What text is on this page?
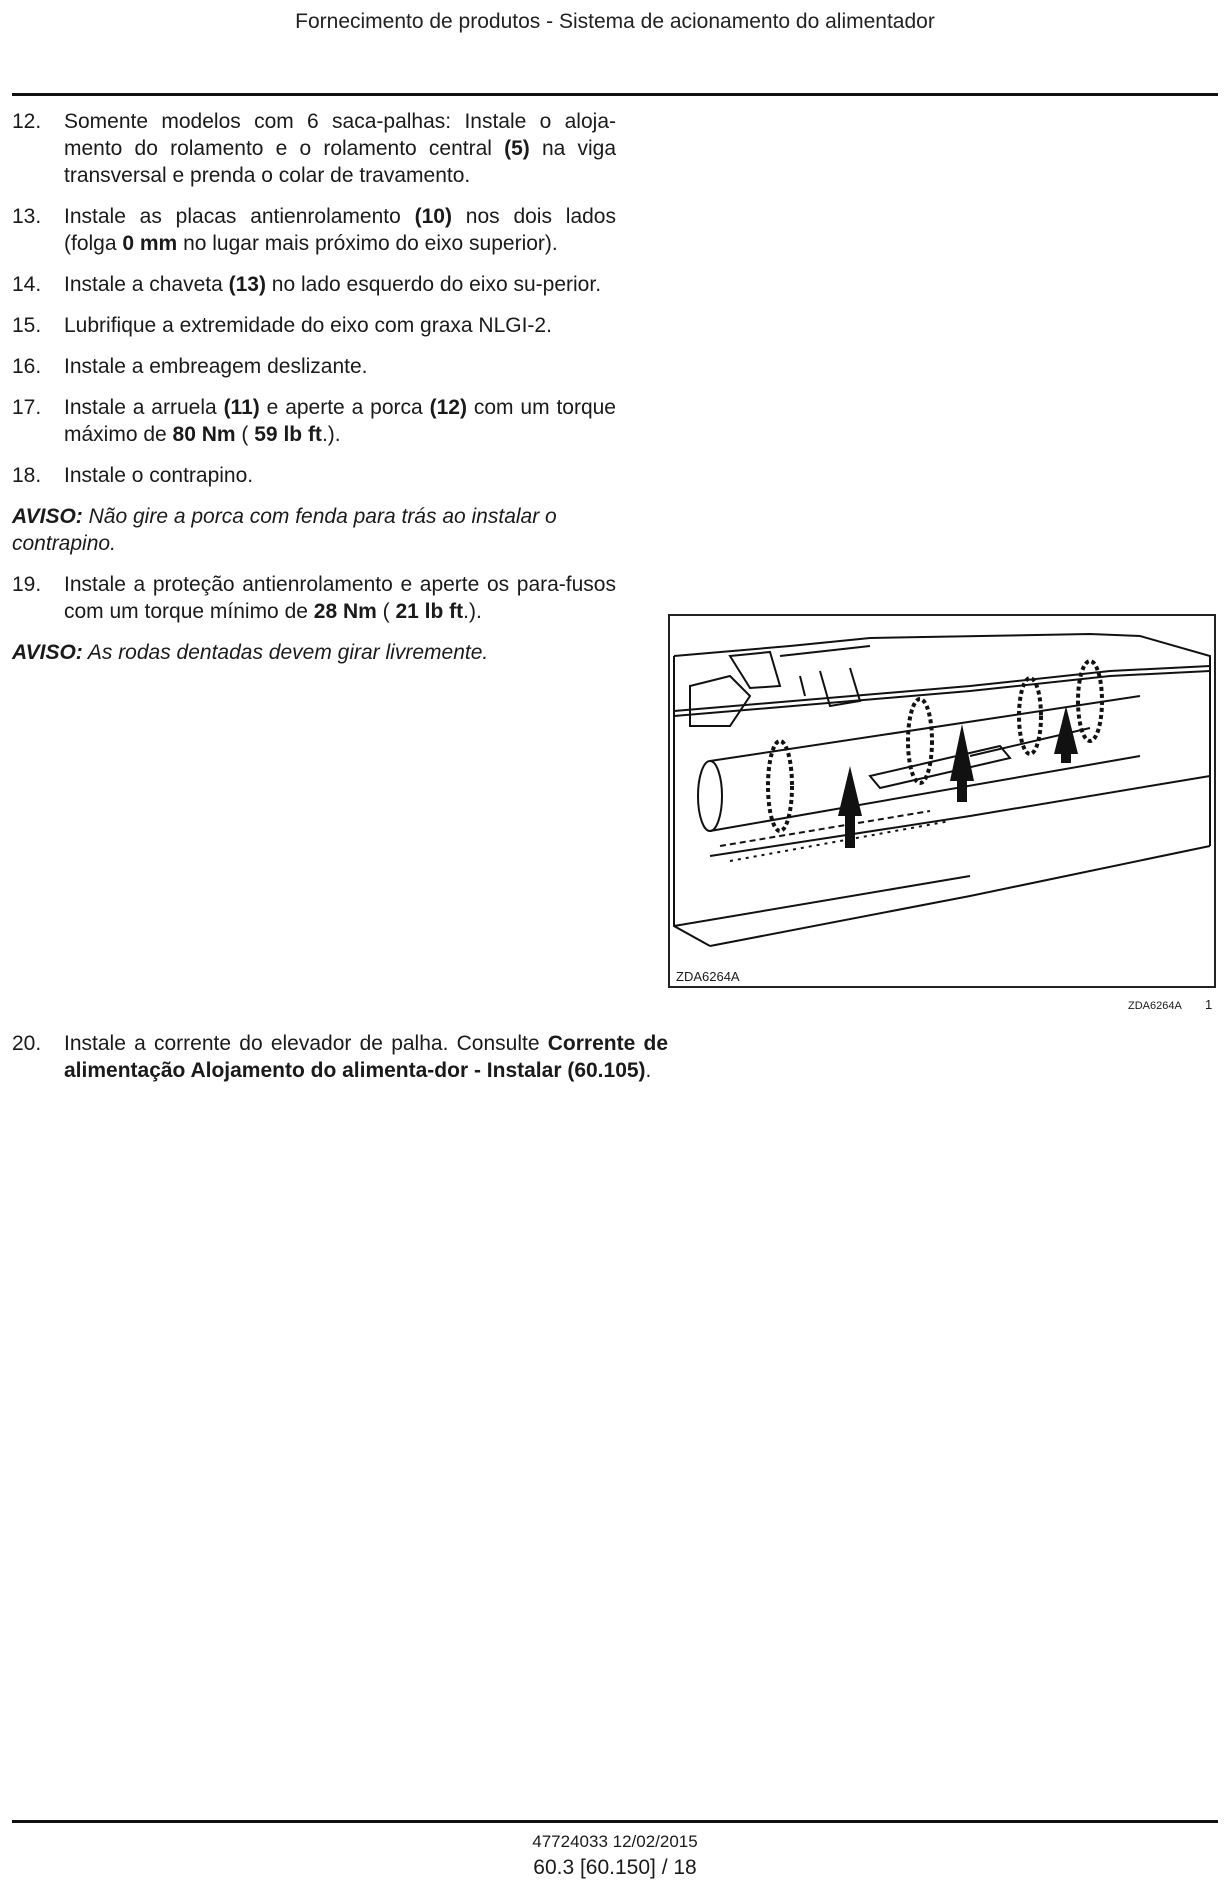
Fornecimento de produtos - Sistema de acionamento do alimentador
12. Somente modelos com 6 saca-palhas: Instale o aloja-mento do rolamento e o rolamento central (5) na viga transversal e prenda o colar de travamento.
13. Instale as placas antienrolamento (10) nos dois lados (folga 0 mm no lugar mais próximo do eixo superior).
14. Instale a chaveta (13) no lado esquerdo do eixo su-perior.
15. Lubrifique a extremidade do eixo com graxa NLGI-2.
16. Instale a embreagem deslizante.
17. Instale a arruela (11) e aperte a porca (12) com um torque máximo de 80 Nm ( 59 lb ft.).
18. Instale o contrapino.
AVISO: Não gire a porca com fenda para trás ao instalar o contrapino.
19. Instale a proteção antienrolamento e aperte os para-fusos com um torque mínimo de 28 Nm ( 21 lb ft.).
AVISO: As rodas dentadas devem girar livremente.
ZDA6264A
ZDA6264A 1
20. Instale a corrente do elevador de palha. Consulte Corrente de alimentação Alojamento do alimenta-dor - Instalar (60.105).
47724033 12/02/2015
60.3 [60.150] / 18
